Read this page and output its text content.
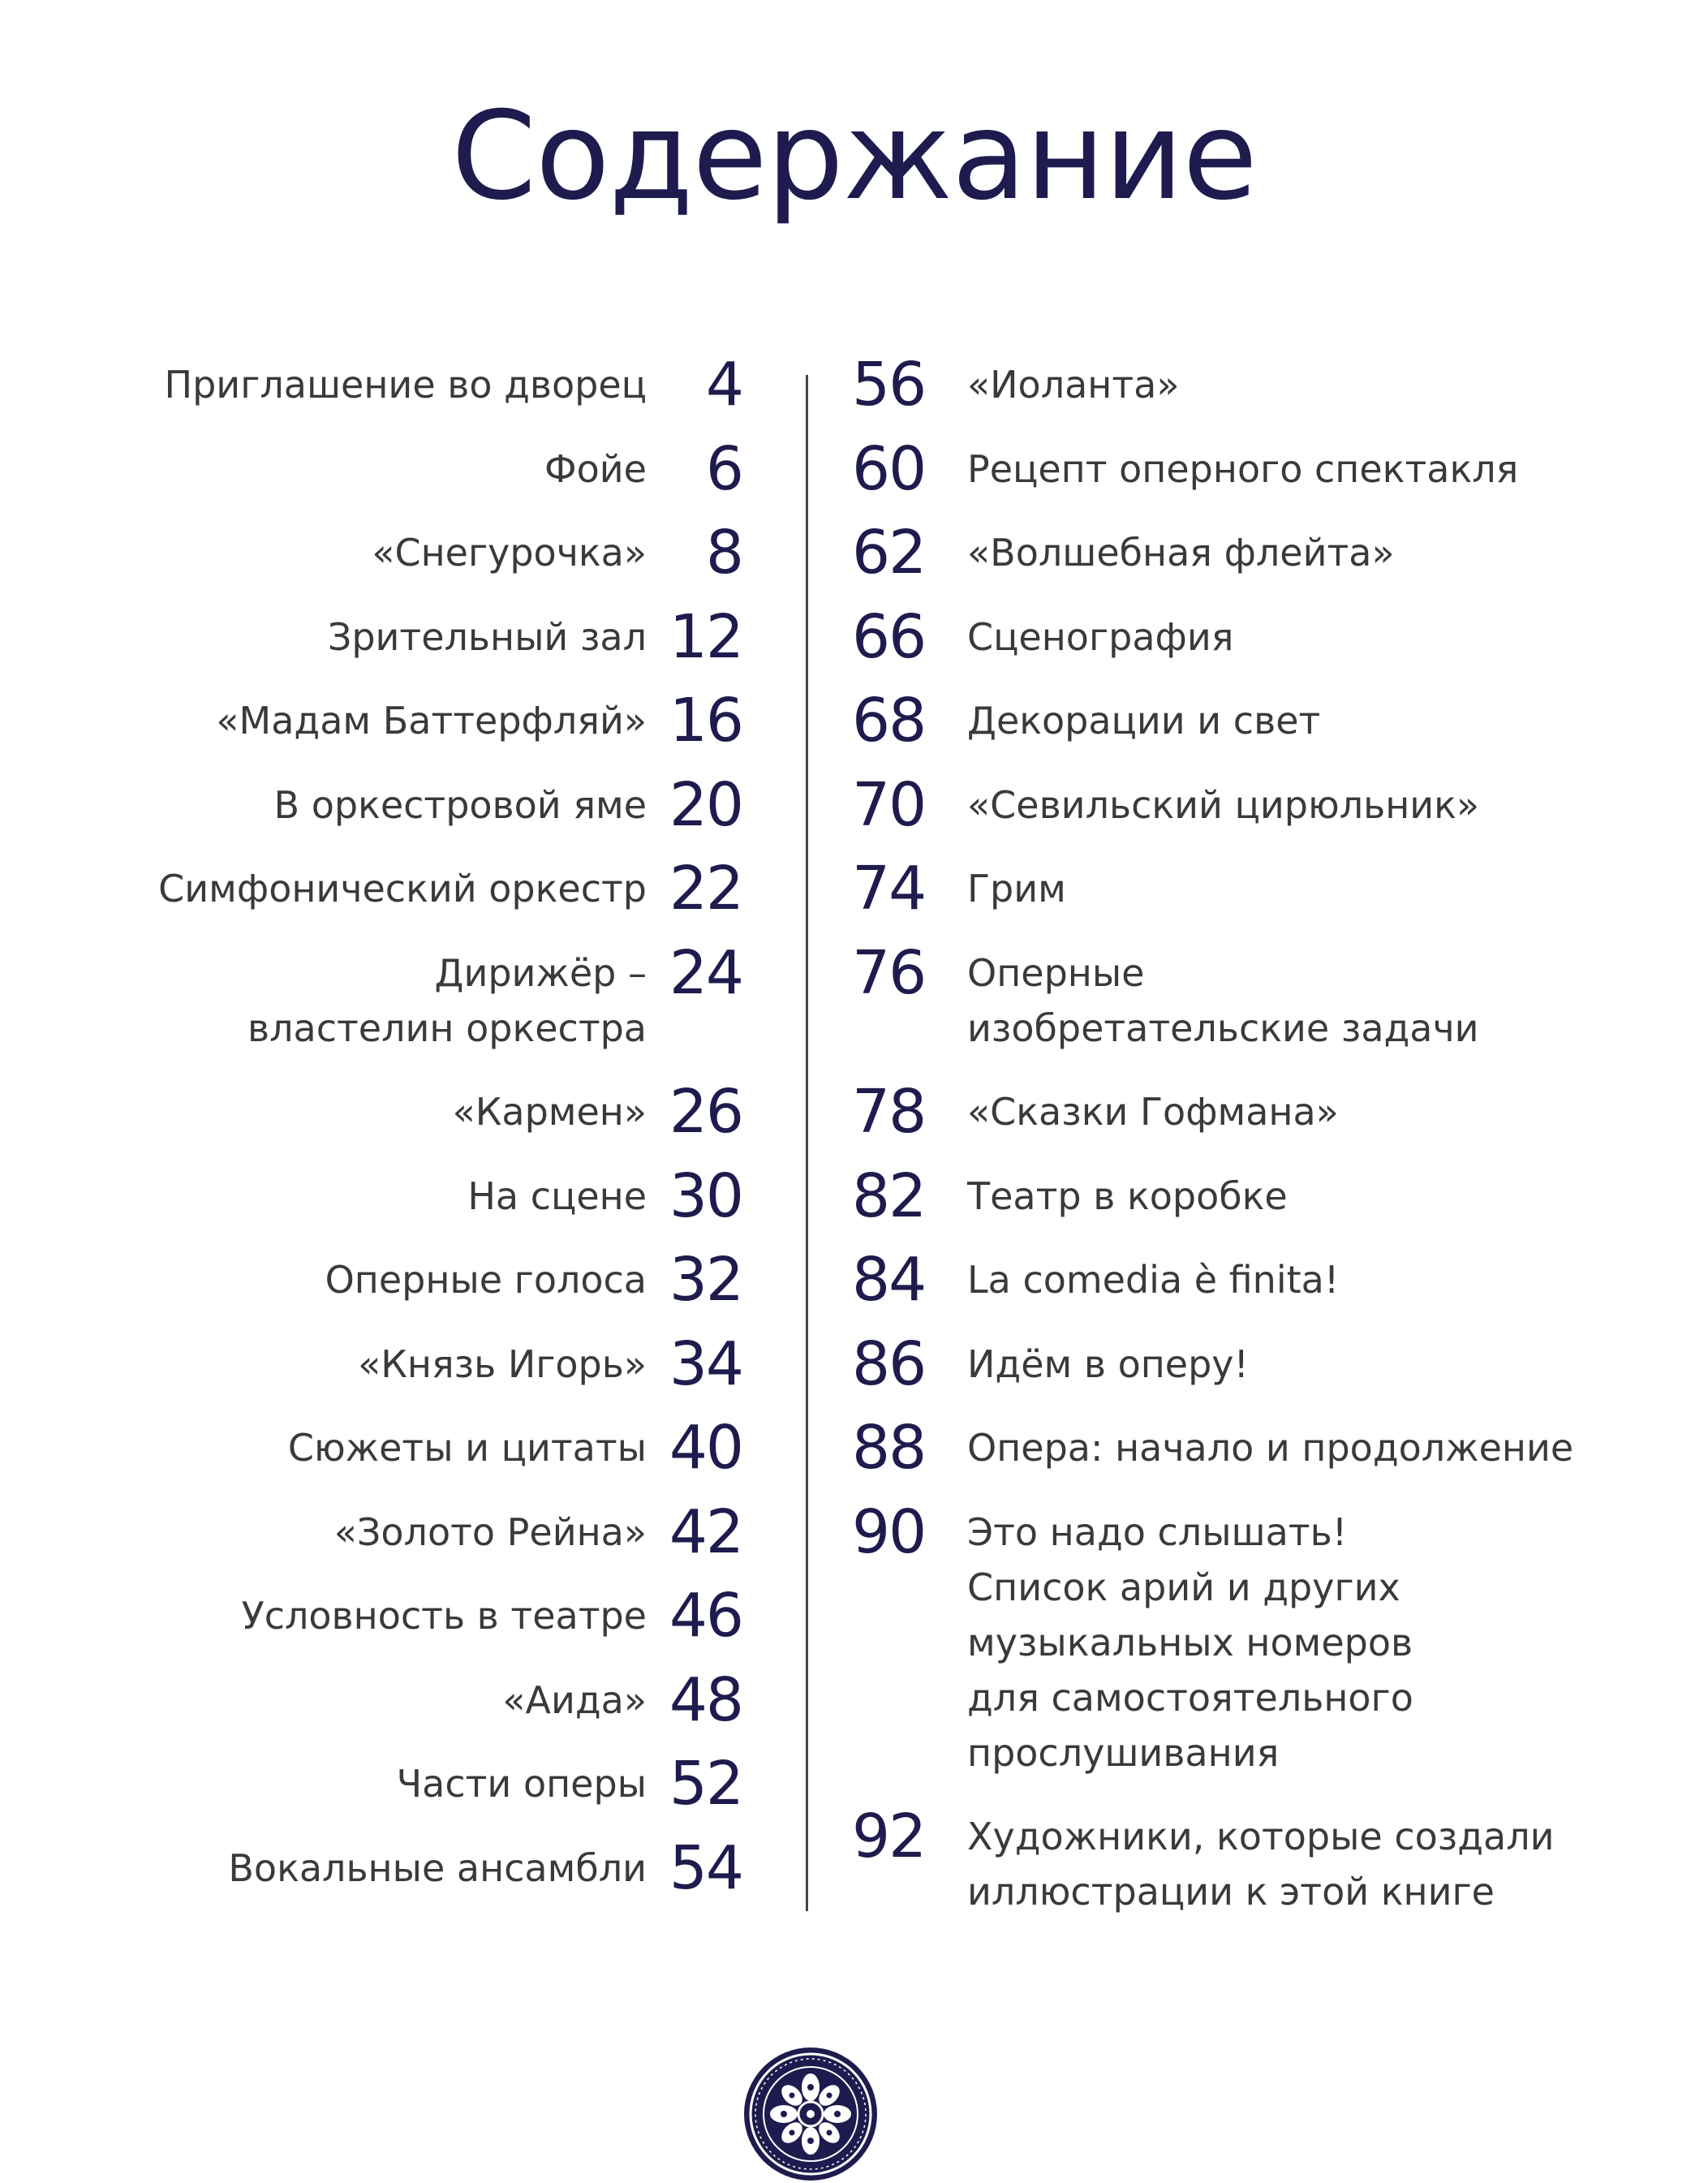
Содержание
Приглашение во дворец 4
Фойе 6
«Снегурочка» 8
Зрительный зал 12
«Мадам Баттерфляй» 16
В оркестровой яме 20
Симфонический оркестр 22
Дирижёр –
властелин оркестра
24
«Кармен» 26
На сцене 30
Оперные голоса 32
«Князь Игорь» 34
Сюжеты и цитаты 40
«Золото Рейна» 42
Условность в театре 46
«Аида» 48
Части оперы 52
Вокальные ансамбли 54
56 «Иоланта»
60 Рецепт оперного спектакля
62 «Волшебная флейта»
66 Сценография
68 Декорации и свет
70 «Севильский цирюльник»
74 Грим
76 Оперные
изобретательские задачи
78 «Сказки Гофмана»
82 Театр в коробке
84 La comedia è finita!
86 Идём в оперу!
88 Опера: начало и продолжение
90 Это надо слышать!
Список арий и других
музыкальных номеров
для самостоятельного
прослушивания
92 Художники, которые создали
иллюстрации к этой книге
